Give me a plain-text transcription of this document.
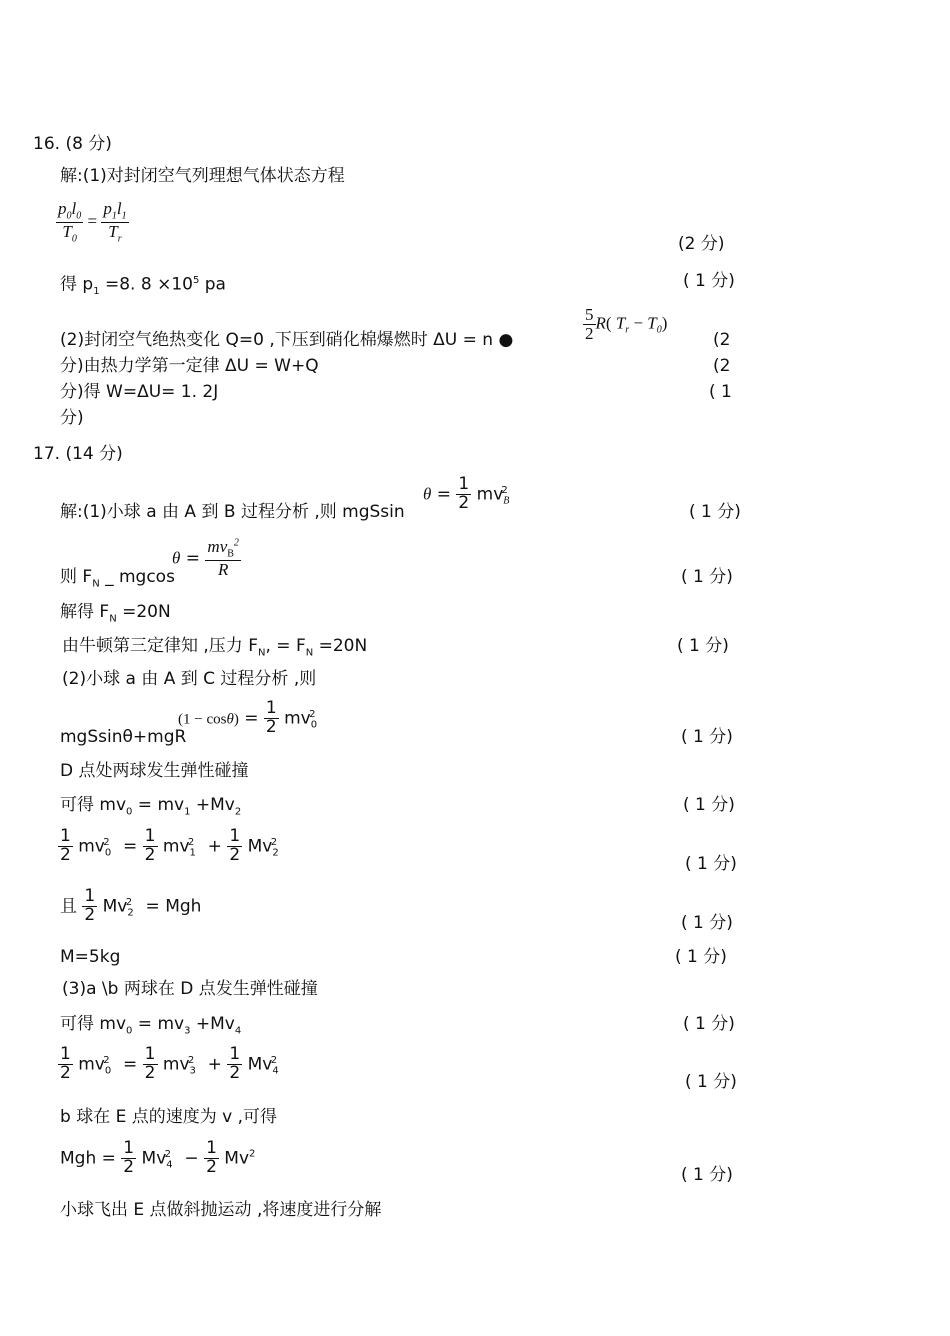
16. (8 分)
解:(1)对封闭空气列理想气体状态方程
$\frac{p_0l_0}{T_0} = \frac{p_1l_1}{T_r}$	(2 分)
得 $p_1 =8$. $8 \times 10^5$ pa	( 1 分)
(2)封闭空气绝热变化 Q=0 ,下压到硝化棉爆燃时 ΔU = n ●	$\frac{5}{2} R$( $T_r - T_0$)
(2
分)由热力学第一定律 ΔU = W+Q	(2
分)得 W=ΔU= 1. 2J	( 1
分)
17. (14 分)
解:(1)小球 a 由 A 到 B 过程分析 ,则 mgSsin
$\theta = \frac{1}{2} mv_B^2$
( 1 分)
则 $F_N$ _ mgcos
$\theta = \frac{mv_B^2}{R}$	( 1 分)
解得 $F_N =20N$
由牛顿第三定律知 ,压力 $F_N$, = $F_N =20N$	( 1 分)
(2)小球 a 由 A 到 C 过程分析 ,则
mgSsinθ+mgR
$(1 - \cos\theta) = \frac{1}{2} mv_0^2$
( 1 分)
D 点处两球发生弹性碰撞
可得 $mv_0 = mv_1 +Mv_2$	( 1 分)
$\frac{1}{2} mv_0^2 = \frac{1}{2} mv_1^2 + \frac{1}{2} Mv_2^2$
( 1 分)
且 $\frac{1}{2} Mv_2^2$ = Mgh
( 1 分)
M=5kg	( 1 分)
(3)a \b 两球在 D 点发生弹性碰撞
可得 $mv_0 = mv_3 +Mv_4$	( 1 分)
$\frac{1}{2} mv_0^2 = \frac{1}{2} mv_3^2 + \frac{1}{2} Mv_4^2$
( 1 分)
b 球在 E 点的速度为 v ,可得
Mgh = $\frac{1}{2} Mv_4^2 - \frac{1}{2} Mv^2$
( 1 分)
小球飞出 E 点做斜抛运动 ,将速度进行分解
